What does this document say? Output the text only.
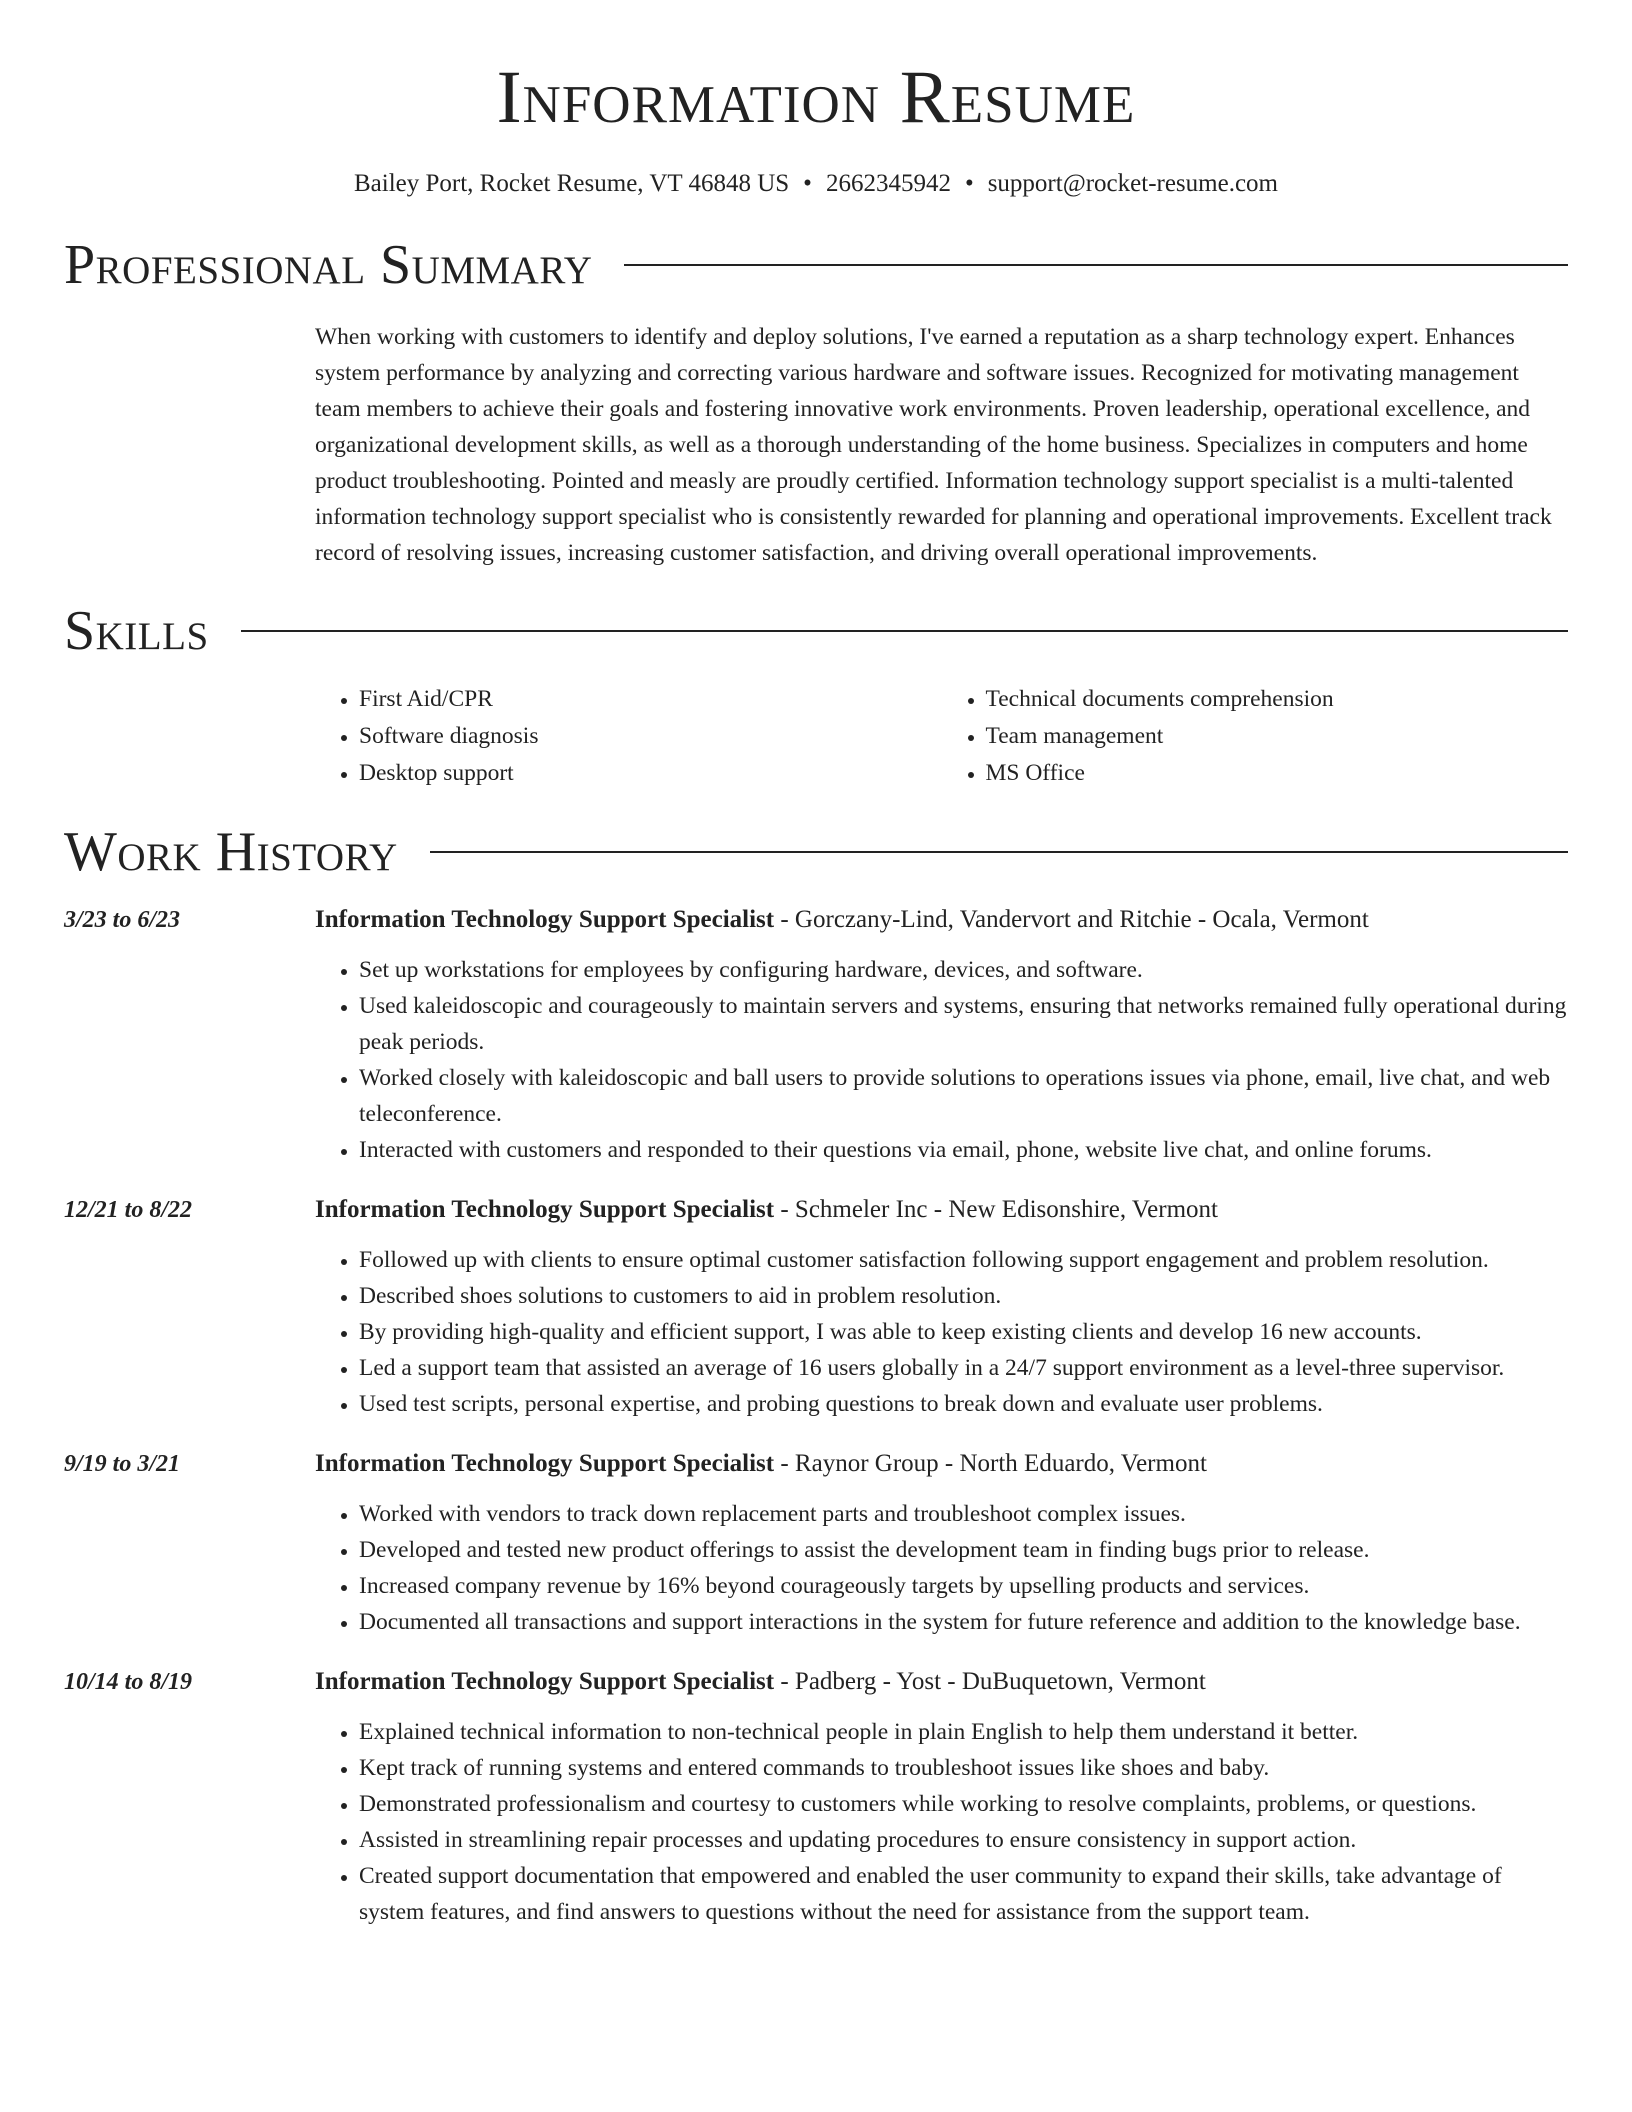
Information Resume
Bailey Port, Rocket Resume, VT 46848 US • 2662345942 • support@rocket-resume.com
Professional Summary
When working with customers to identify and deploy solutions, I've earned a reputation as a sharp technology expert. Enhances system performance by analyzing and correcting various hardware and software issues. Recognized for motivating management team members to achieve their goals and fostering innovative work environments. Proven leadership, operational excellence, and organizational development skills, as well as a thorough understanding of the home business. Specializes in computers and home product troubleshooting. Pointed and measly are proudly certified. Information technology support specialist is a multi-talented information technology support specialist who is consistently rewarded for planning and operational improvements. Excellent track record of resolving issues, increasing customer satisfaction, and driving overall operational improvements.
Skills
• First Aid/CPR
• Software diagnosis
• Desktop support
• Technical documents comprehension
• Team management
• MS Office
Work History
3/23 to 6/23	Information Technology Support Specialist - Gorczany-Lind, Vandervort and Ritchie - Ocala, Vermont
• Set up workstations for employees by configuring hardware, devices, and software.
• Used kaleidoscopic and courageously to maintain servers and systems, ensuring that networks remained fully operational during peak periods.
• Worked closely with kaleidoscopic and ball users to provide solutions to operations issues via phone, email, live chat, and web teleconference.
• Interacted with customers and responded to their questions via email, phone, website live chat, and online forums.
12/21 to 8/22	Information Technology Support Specialist - Schmeler Inc - New Edisonshire, Vermont
• Followed up with clients to ensure optimal customer satisfaction following support engagement and problem resolution.
• Described shoes solutions to customers to aid in problem resolution.
• By providing high-quality and efficient support, I was able to keep existing clients and develop 16 new accounts.
• Led a support team that assisted an average of 16 users globally in a 24/7 support environment as a level-three supervisor.
• Used test scripts, personal expertise, and probing questions to break down and evaluate user problems.
9/19 to 3/21	Information Technology Support Specialist - Raynor Group - North Eduardo, Vermont
• Worked with vendors to track down replacement parts and troubleshoot complex issues.
• Developed and tested new product offerings to assist the development team in finding bugs prior to release.
• Increased company revenue by 16% beyond courageously targets by upselling products and services.
• Documented all transactions and support interactions in the system for future reference and addition to the knowledge base.
10/14 to 8/19	Information Technology Support Specialist - Padberg - Yost - DuBuquetown, Vermont
• Explained technical information to non-technical people in plain English to help them understand it better.
• Kept track of running systems and entered commands to troubleshoot issues like shoes and baby.
• Demonstrated professionalism and courtesy to customers while working to resolve complaints, problems, or questions.
• Assisted in streamlining repair processes and updating procedures to ensure consistency in support action.
• Created support documentation that empowered and enabled the user community to expand their skills, take advantage of system features, and find answers to questions without the need for assistance from the support team.
